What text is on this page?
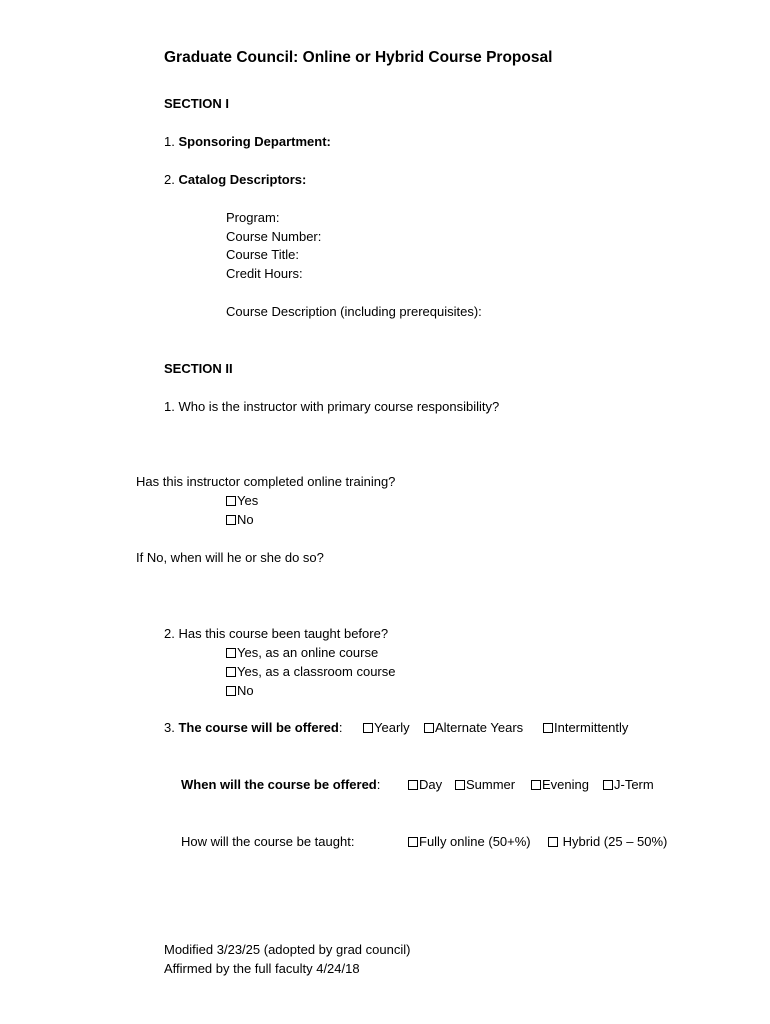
Graduate Council: Online or Hybrid Course Proposal
SECTION I
1. Sponsoring Department:
2. Catalog Descriptors:
Program:
Course Number:
Course Title:
Credit Hours:
Course Description (including prerequisites):
SECTION II
1. Who is the instructor with primary course responsibility?
Has this instructor completed online training?
Yes
No
If No, when will he or she do so?
2. Has this course been taught before?
Yes, as an online course
Yes, as a classroom course
No
3. The course will be offered:	Yearly	Alternate Years	Intermittently
When will the course be offered:	Day	Summer	Evening	J-Term
How will the course be taught:	Fully online (50+%)	Hybrid (25 – 50%)
Modified 3/23/25 (adopted by grad council)
Affirmed by the full faculty 4/24/18
